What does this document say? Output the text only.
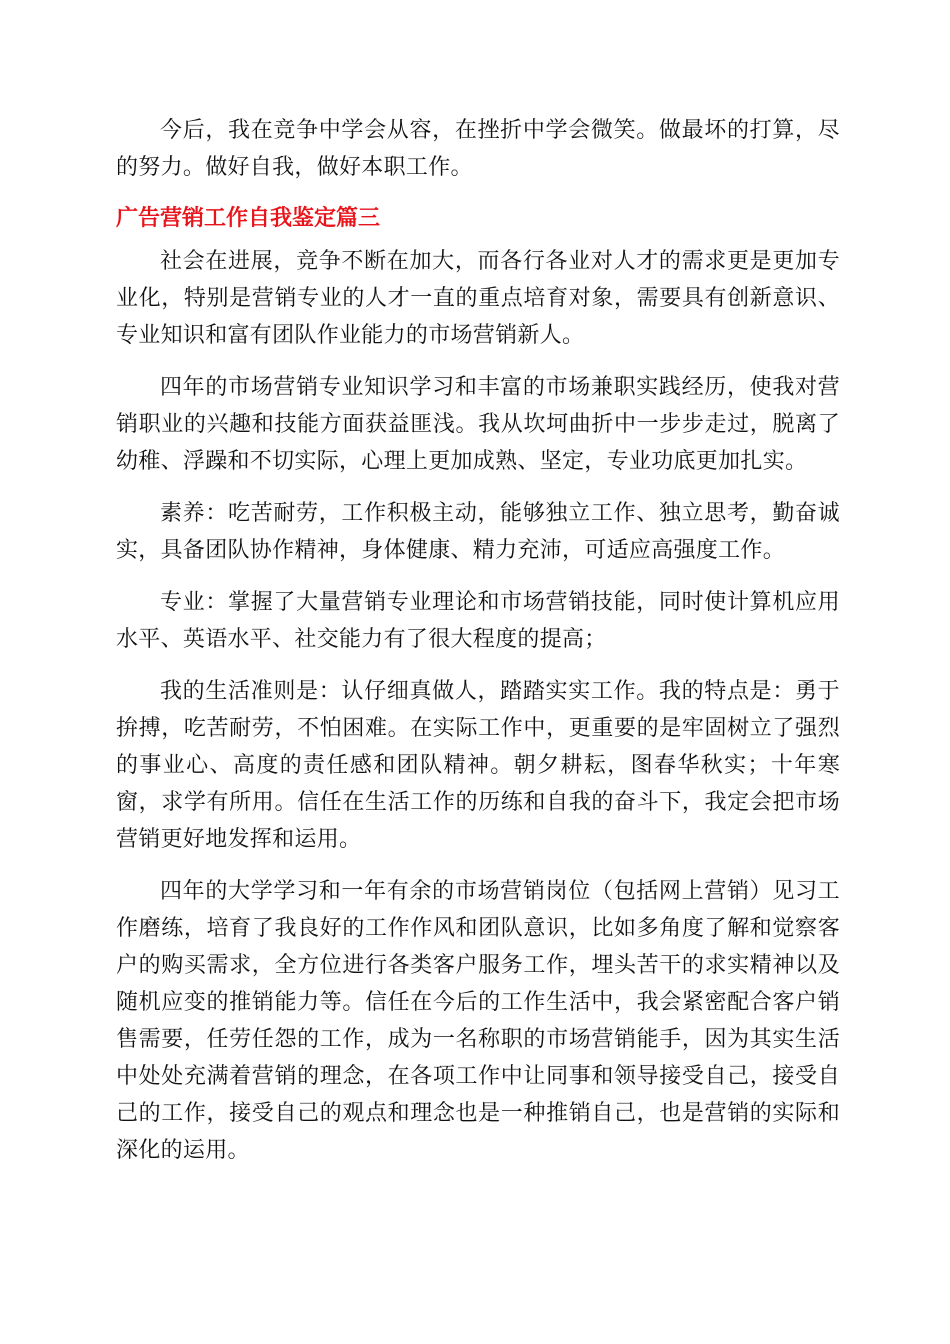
今后，我在竞争中学会从容，在挫折中学会微笑。做最坏的打算，尽的努力。做好自我，做好本职工作。

广告营销工作自我鉴定篇三

社会在进展，竞争不断在加大，而各行各业对人才的需求更是更加专业化，特别是营销专业的人才一直的重点培育对象，需要具有创新意识、专业知识和富有团队作业能力的市场营销新人。

四年的市场营销专业知识学习和丰富的市场兼职实践经历，使我对营销职业的兴趣和技能方面获益匪浅。我从坎坷曲折中一步步走过，脱离了幼稚、浮躁和不切实际，心理上更加成熟、坚定，专业功底更加扎实。

素养：吃苦耐劳，工作积极主动，能够独立工作、独立思考，勤奋诚实，具备团队协作精神，身体健康、精力充沛，可适应高强度工作。

专业：掌握了大量营销专业理论和市场营销技能，同时使计算机应用水平、英语水平、社交能力有了很大程度的提高；

我的生活准则是：认仔细真做人，踏踏实实工作。我的特点是：勇于拚搏，吃苦耐劳，不怕困难。在实际工作中，更重要的是牢固树立了强烈的事业心、高度的责任感和团队精神。朝夕耕耘，图春华秋实；十年寒窗，求学有所用。信任在生活工作的历练和自我的奋斗下，我定会把市场营销更好地发挥和运用。

四年的大学学习和一年有余的市场营销岗位（包括网上营销）见习工作磨练，培育了我良好的工作作风和团队意识，比如多角度了解和觉察客户的购买需求，全方位进行各类客户服务工作，埋头苦干的求实精神以及随机应变的推销能力等。信任在今后的工作生活中，我会紧密配合客户销售需要，任劳任怨的工作，成为一名称职的市场营销能手，因为其实生活中处处充满着营销的理念，在各项工作中让同事和领导接受自己，接受自己的工作，接受自己的观点和理念也是一种推销自己，也是营销的实际和深化的运用。
